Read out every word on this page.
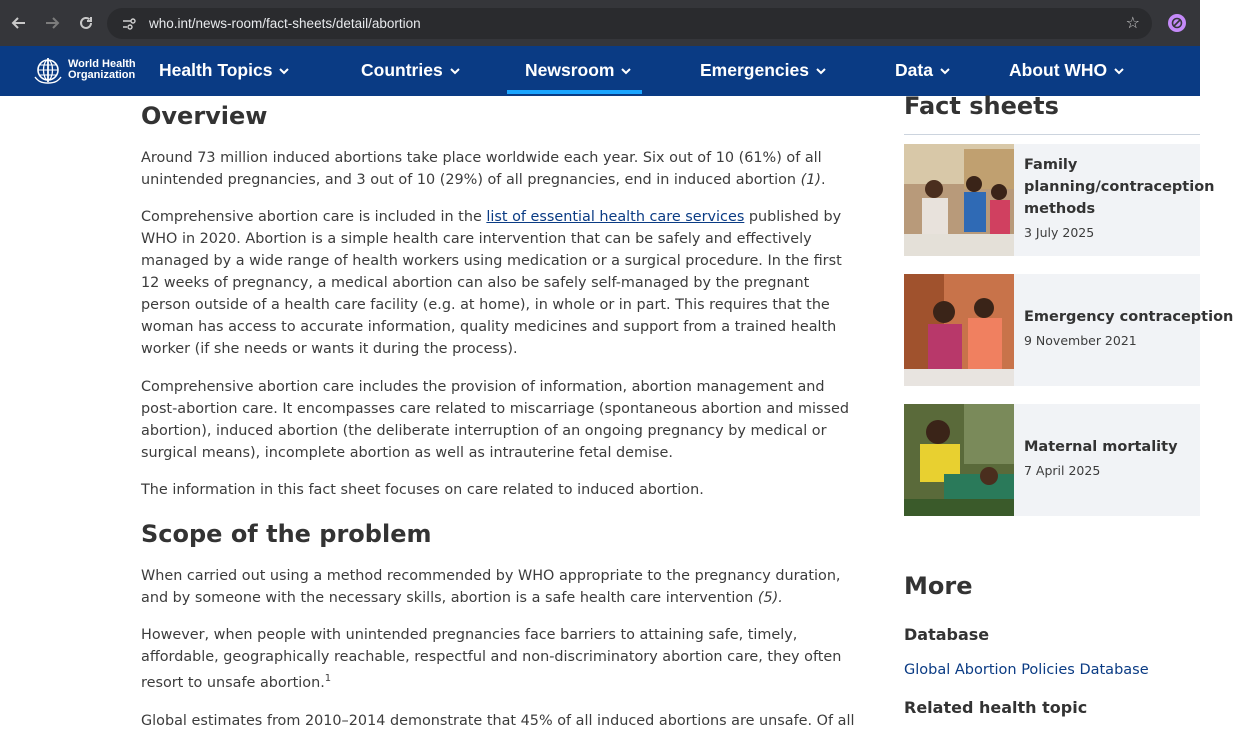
who.int/news-room/fact-sheets/detail/abortion	☆
World Health
Organization Health Topics	Countries	Newsroom	Emergencies	Data	About WHO
Overview

Around 73 million induced abortions take place worldwide each year. Six out of 10 (61%) of all unintended pregnancies, and 3 out of 10 (29%) of all pregnancies, end in induced abortion (1).

Comprehensive abortion care is included in the list of essential health care services published by WHO in 2020. Abortion is a simple health care intervention that can be safely and effectively managed by a wide range of health workers using medication or a surgical procedure. In the first 12 weeks of pregnancy, a medical abortion can also be safely self-managed by the pregnant person outside of a health care facility (e.g. at home), in whole or in part. This requires that the woman has access to accurate information, quality medicines and support from a trained health worker (if she needs or wants it during the process).

Comprehensive abortion care includes the provision of information, abortion management and post-abortion care. It encompasses care related to miscarriage (spontaneous abortion and missed abortion), induced abortion (the deliberate interruption of an ongoing pregnancy by medical or surgical means), incomplete abortion as well as intrauterine fetal demise.

The information in this fact sheet focuses on care related to induced abortion.

Scope of the problem

When carried out using a method recommended by WHO appropriate to the pregnancy duration, and by someone with the necessary skills, abortion is a safe health care intervention (5).

However, when people with unintended pregnancies face barriers to attaining safe, timely, affordable, geographically reachable, respectful and non-discriminatory abortion care, they often resort to unsafe abortion.$^1$

Global estimates from 2010–2014 demonstrate that 45% of all induced abortions are unsafe. Of all

Fact sheets
Family
planning/contraception
methods
3 July 2025
Emergency contraception
9 November 2021
Maternal mortality
7 April 2025
More
Database
Global Abortion Policies Database
Related health topic
